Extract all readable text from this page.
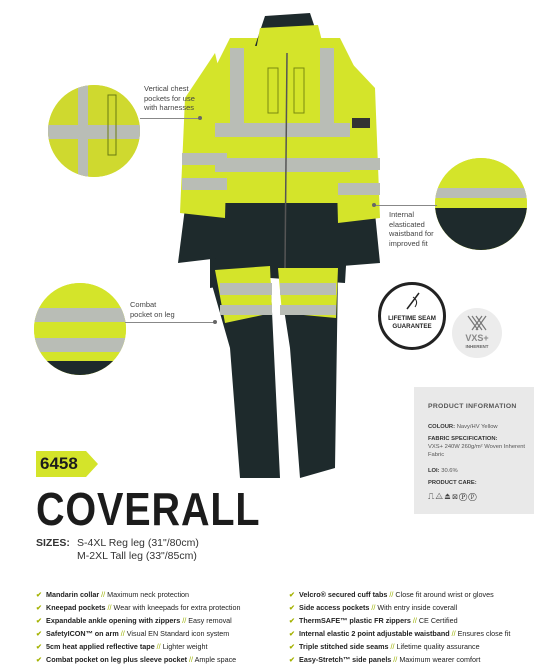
Vertical chest
pockets for use
with harnesses
Internal
elasticated
waistband for
improved fit
Combat
pocket on leg	LIFETIME SEAM
GUARANTEE
VXS+
INHERENT
PRODUCT INFORMATION
COLOUR: Navy/HV Yellow
FABRIC SPECIFICATION:
VXS+ 240W 260g/m² Woven Inherent Fabric
LOI: 30.6%
PRODUCT CARE:
⎍⨺⏏⊠Ⓟⓟ
6458
COVERALL
SIZES: S-4XL Reg leg (31"/80cm)
M-2XL Tall leg (33"/85cm)
✔ Mandarin collar // Maximum neck protection
✔ Kneepad pockets // Wear with kneepads for extra protection
✔ Expandable ankle opening with zippers // Easy removal
✔ SafetyICON™ on arm // Visual EN Standard icon system
✔ 5cm heat applied reflective tape // Lighter weight
✔ Combat pocket on leg plus sleeve pocket // Ample space
✔ Velcro® secured cuff tabs // Close fit around wrist or gloves
✔ Side access pockets // With entry inside coverall
✔ ThermSAFE™ plastic FR zippers // CE Certified
✔ Internal elastic 2 point adjustable waistband // Ensures close fit
✔ Triple stitched side seams // Lifetime quality assurance
✔ Easy-Stretch™ side panels // Maximum wearer comfort
